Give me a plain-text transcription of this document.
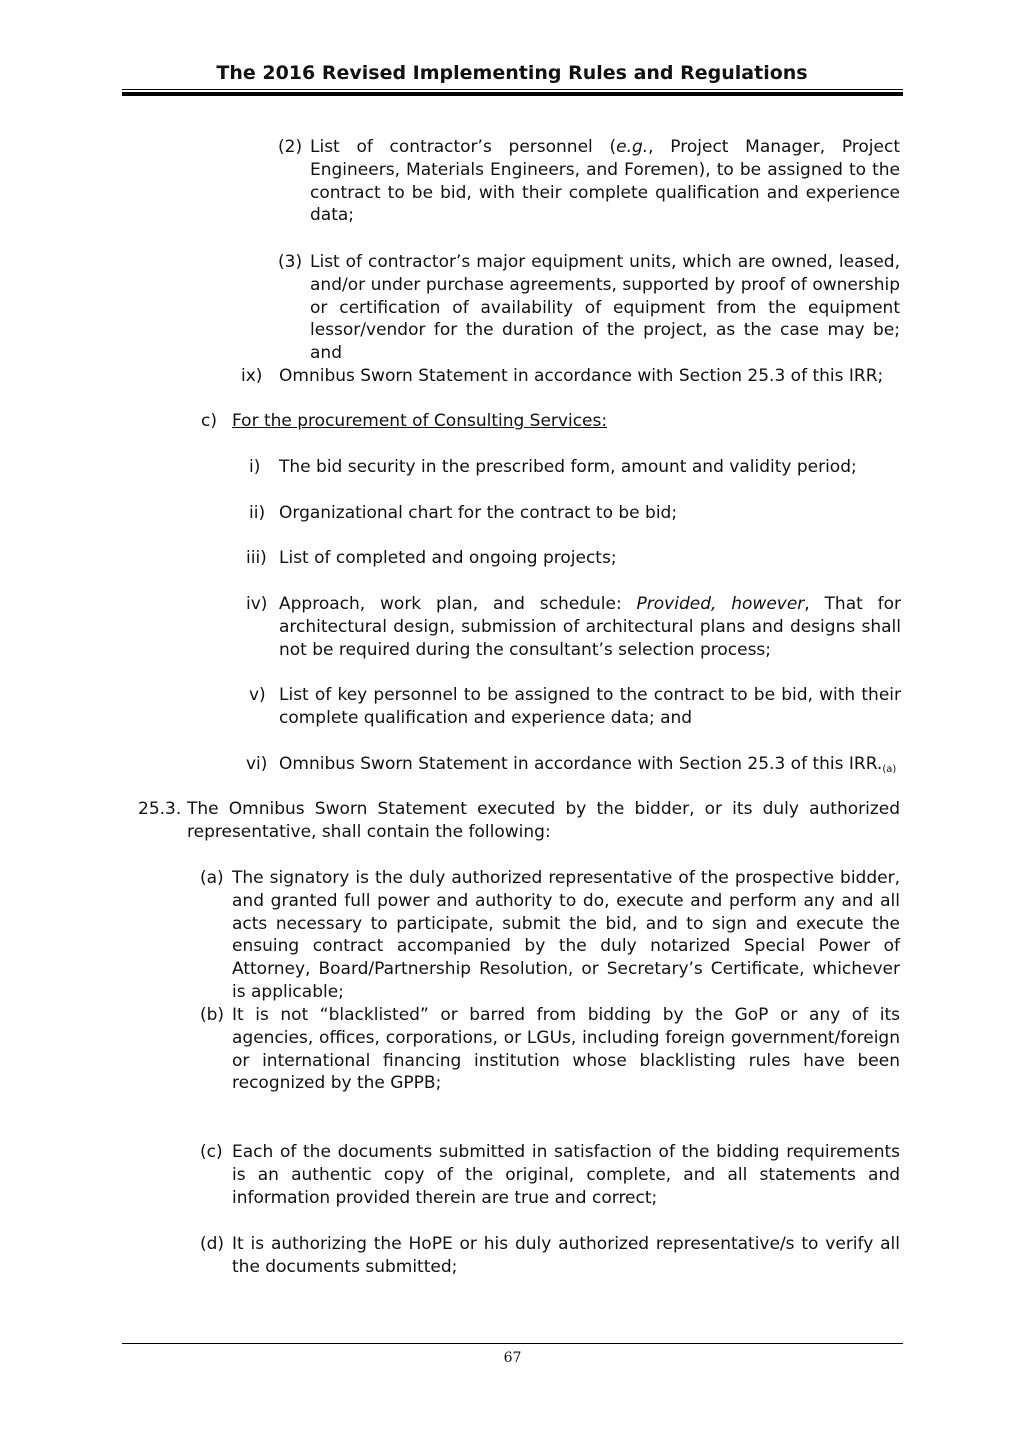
The 2016 Revised Implementing Rules and Regulations
(2) List of contractor’s personnel (e.g., Project Manager, Project Engineers, Materials Engineers, and Foremen), to be assigned to the contract to be bid, with their complete qualification and experience data;
(3) List of contractor’s major equipment units, which are owned, leased, and/or under purchase agreements, supported by proof of ownership or certification of availability of equipment from the equipment lessor/vendor for the duration of the project, as the case may be; and
ix) Omnibus Sworn Statement in accordance with Section 25.3 of this IRR;
c) For the procurement of Consulting Services:
i) The bid security in the prescribed form, amount and validity period;
ii) Organizational chart for the contract to be bid;
iii) List of completed and ongoing projects;
iv) Approach, work plan, and schedule: Provided, however, That for architectural design, submission of architectural plans and designs shall not be required during the consultant’s selection process;
v) List of key personnel to be assigned to the contract to be bid, with their complete qualification and experience data; and
vi) Omnibus Sworn Statement in accordance with Section 25.3 of this $IRR._{(a)}$
25.3. The Omnibus Sworn Statement executed by the bidder, or its duly authorized representative, shall contain the following:
(a) The signatory is the duly authorized representative of the prospective bidder, and granted full power and authority to do, execute and perform any and all acts necessary to participate, submit the bid, and to sign and execute the ensuing contract accompanied by the duly notarized Special Power of Attorney, Board/Partnership Resolution, or Secretary’s Certificate, whichever is applicable;
(b) It is not “blacklisted” or barred from bidding by the GoP or any of its agencies, offices, corporations, or LGUs, including foreign government/foreign or international financing institution whose blacklisting rules have been recognized by the GPPB;
(c) Each of the documents submitted in satisfaction of the bidding requirements is an authentic copy of the original, complete, and all statements and information provided therein are true and correct;
(d) It is authorizing the HoPE or his duly authorized representative/s to verify all the documents submitted;
67
